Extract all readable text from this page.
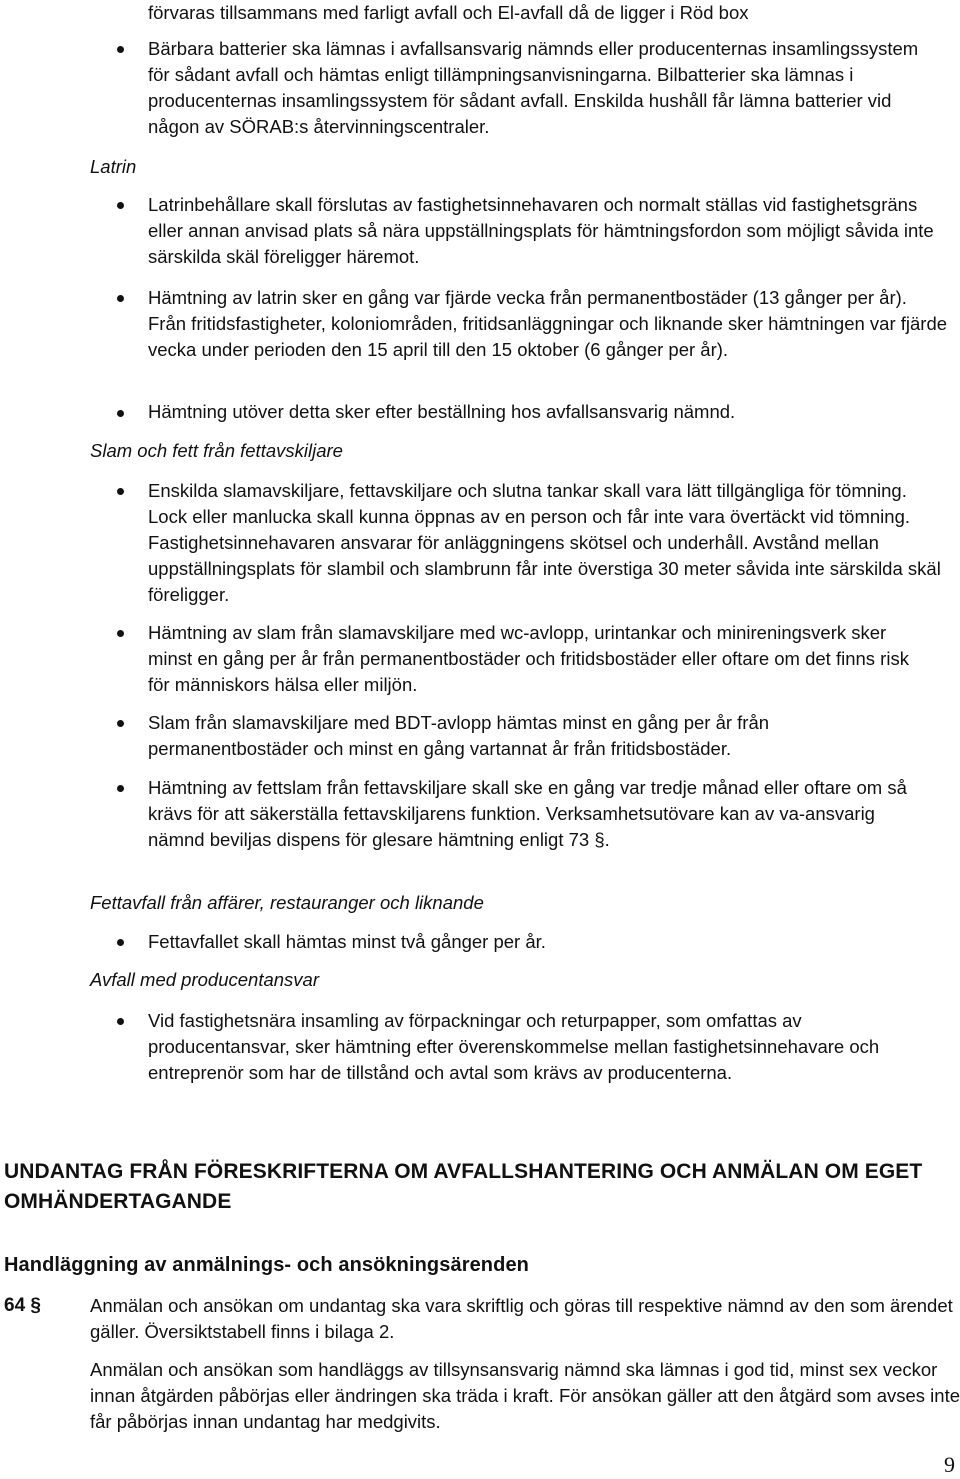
förvaras tillsammans med farligt avfall och El-avfall då de ligger i Röd box

Bärbara batterier ska lämnas i avfallsansvarig nämnds eller producenternas insamlingssystem för sådant avfall och hämtas enligt tillämpningsanvisningarna. Bilbatterier ska lämnas i producenternas insamlingssystem för sådant avfall. Enskilda hushåll får lämna batterier vid någon av SÖRAB:s återvinningscentraler.

Latrin

Latrinbehållare skall förslutas av fastighetsinnehavaren och normalt ställas vid fastighetsgräns eller annan anvisad plats så nära uppställningsplats för hämtningsfordon som möjligt såvida inte särskilda skäl föreligger häremot.

Hämtning av latrin sker en gång var fjärde vecka från permanentbostäder (13 gånger per år). Från fritidsfastigheter, koloniområden, fritidsanläggningar och liknande sker hämtningen var fjärde vecka under perioden den 15 april till den 15 oktober (6 gånger per år).

Hämtning utöver detta sker efter beställning hos avfallsansvarig nämnd.

Slam och fett från fettavskiljare

Enskilda slamavskiljare, fettavskiljare och slutna tankar skall vara lätt tillgängliga för tömning. Lock eller manlucka skall kunna öppnas av en person och får inte vara övertäckt vid tömning. Fastighetsinnehavaren ansvarar för anläggningens skötsel och underhåll. Avstånd mellan uppställningsplats för slambil och slambrunn får inte överstiga 30 meter såvida inte särskilda skäl föreligger.

Hämtning av slam från slamavskiljare med wc-avlopp, urintankar och minireningsverk sker minst en gång per år från permanentbostäder och fritidsbostäder eller oftare om det finns risk för människors hälsa eller miljön.

Slam från slamavskiljare med BDT-avlopp hämtas minst en gång per år från permanentbostäder och minst en gång vartannat år från fritidsbostäder.

Hämtning av fettslam från fettavskiljare skall ske en gång var tredje månad eller oftare om så krävs för att säkerställa fettavskiljarens funktion. Verksamhetsutövare kan av va-ansvarig nämnd beviljas dispens för glesare hämtning enligt 73 §.

Fettavfall från affärer, restauranger och liknande

Fettavfallet skall hämtas minst två gånger per år.

Avfall med producentansvar

Vid fastighetsnära insamling av förpackningar och returpapper, som omfattas av producentansvar, sker hämtning efter överenskommelse mellan fastighetsinnehavare och entreprenör som har de tillstånd och avtal som krävs av producenterna.

UNDANTAG FRÅN FÖRESKRIFTERNA OM AVFALLSHANTERING OCH ANMÄLAN OM EGET OMHÄNDERTAGANDE

Handläggning av anmälnings- och ansökningsärenden

64 §	Anmälan och ansökan om undantag ska vara skriftlig och göras till respektive nämnd av den som ärendet gäller. Översiktstabell finns i bilaga 2.

Anmälan och ansökan som handläggs av tillsynsansvarig nämnd ska lämnas i god tid, minst sex veckor innan åtgärden påbörjas eller ändringen ska träda i kraft. För ansökan gäller att den åtgärd som avses inte får påbörjas innan undantag har medgivits.

9
